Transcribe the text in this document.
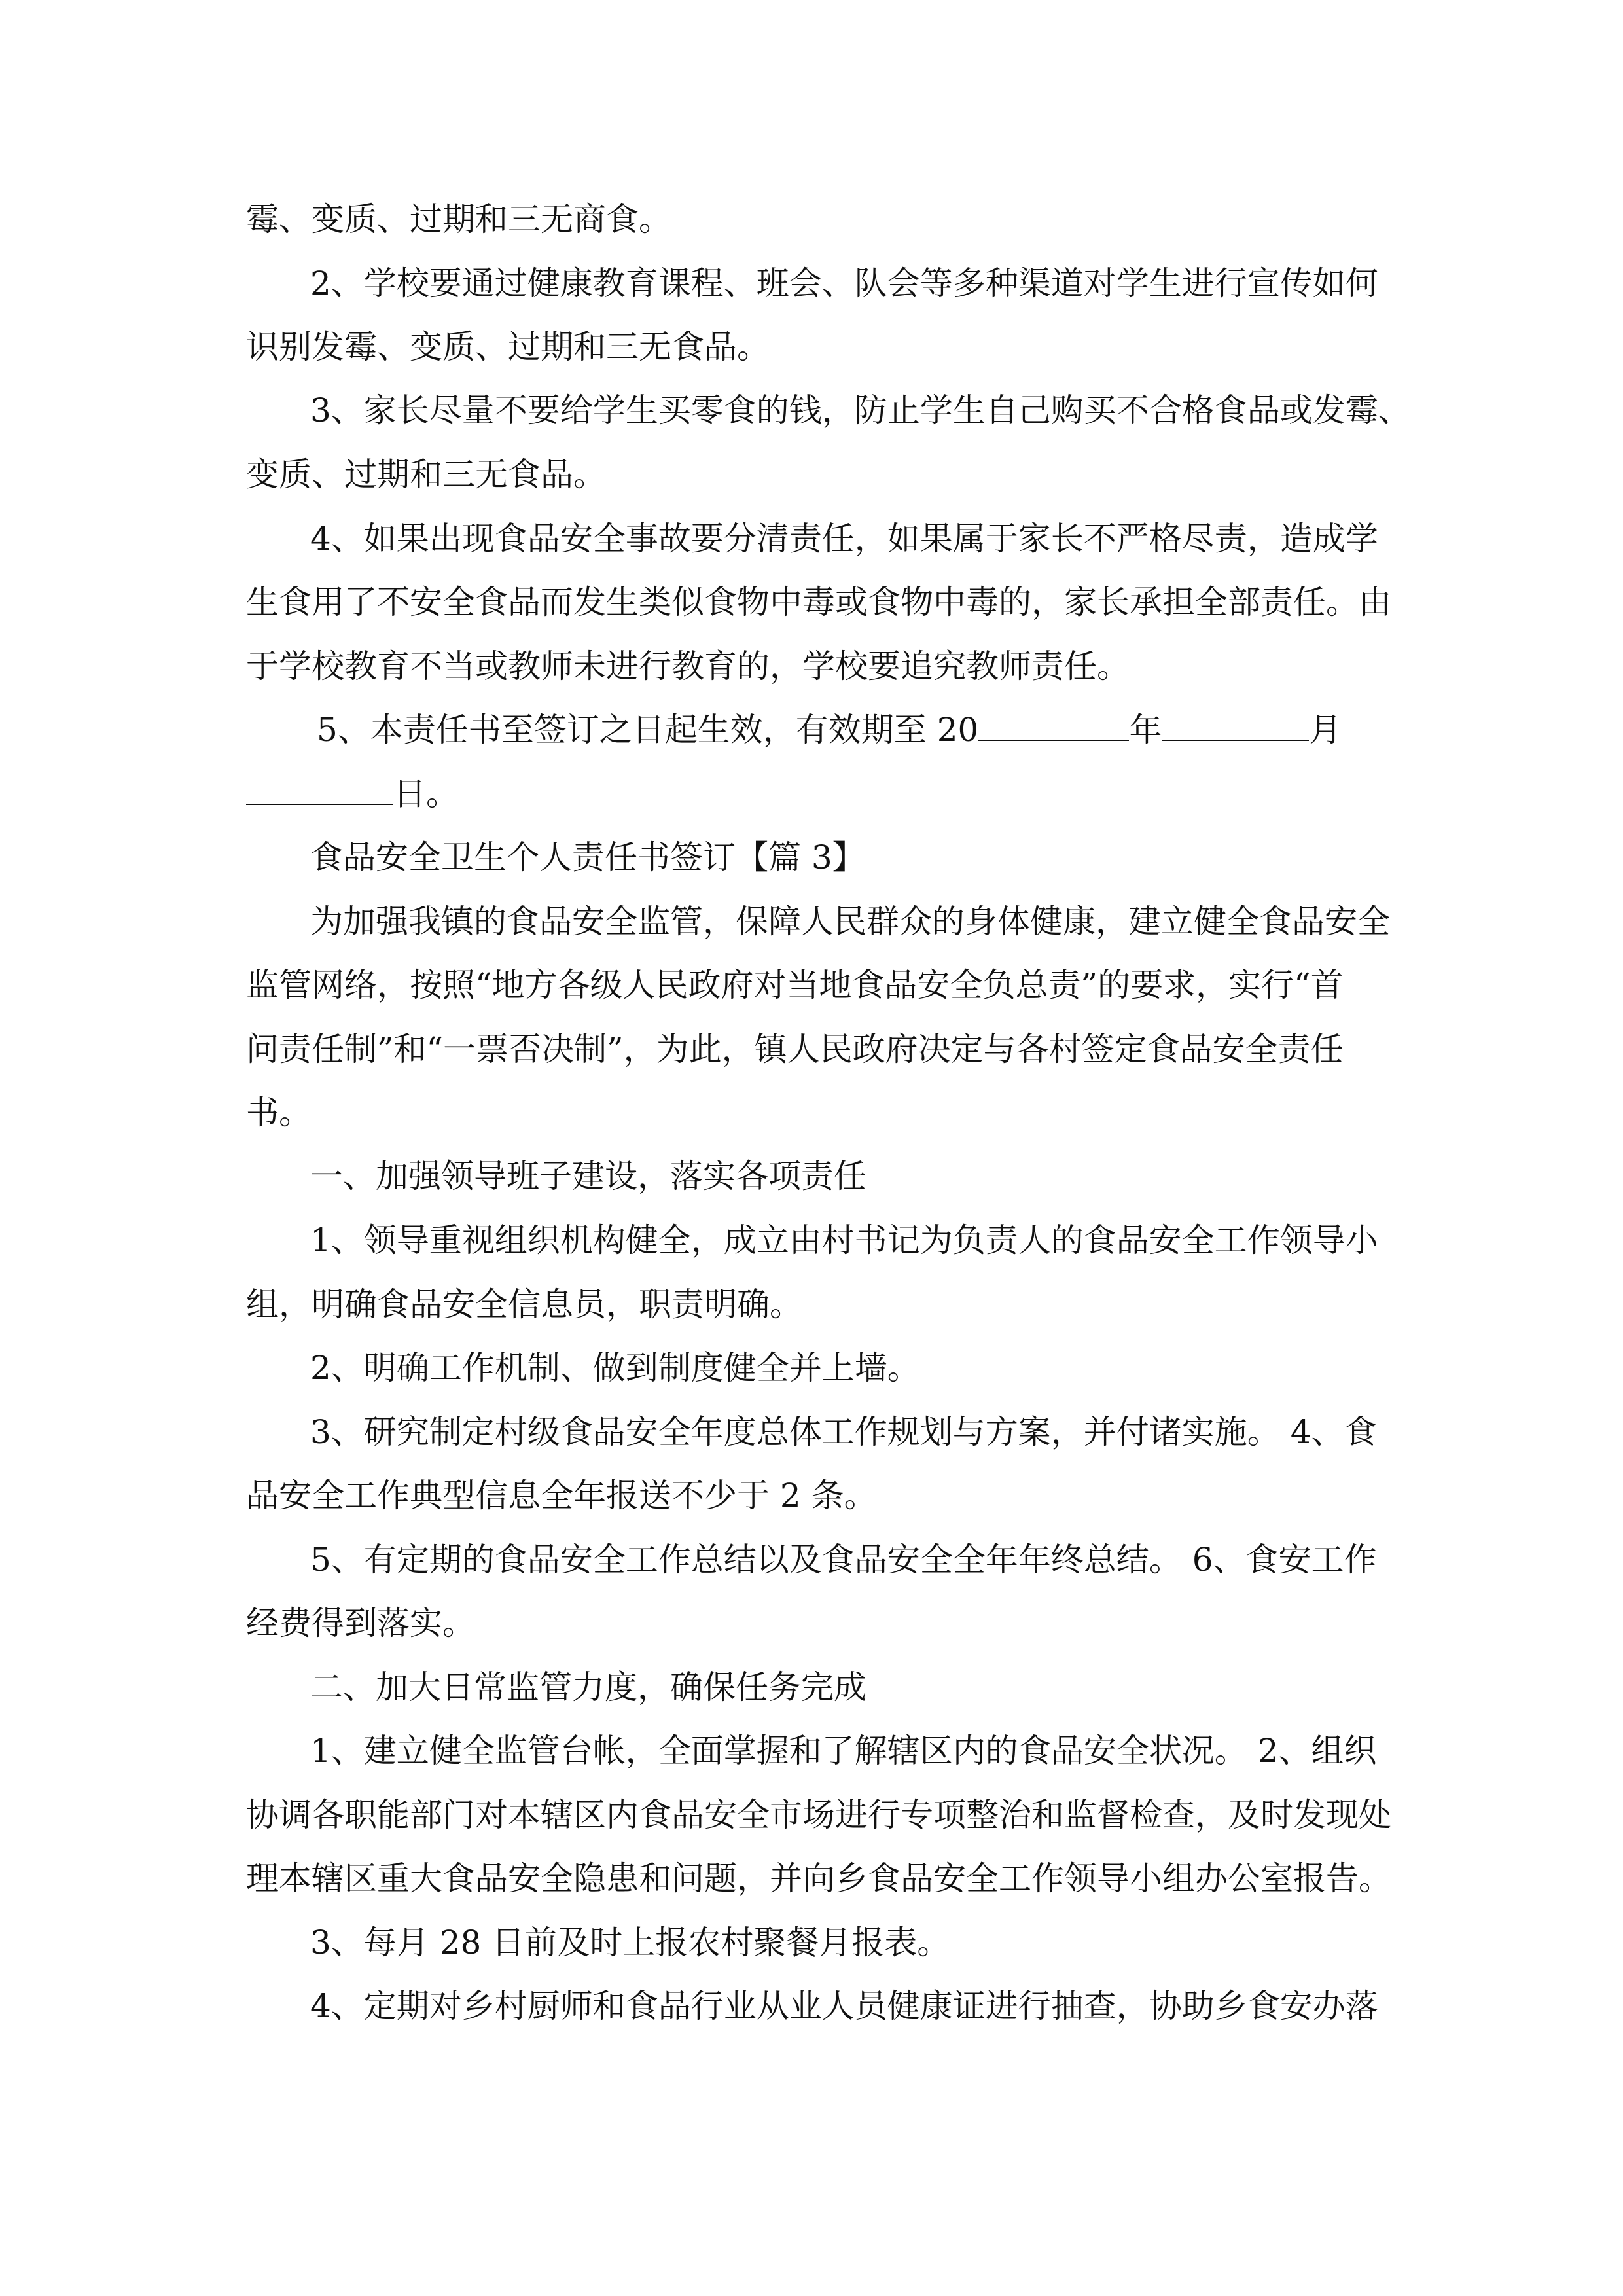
霉、变质、过期和三无商食。
2、学校要通过健康教育课程、班会、队会等多种渠道对学生进行宣传如何
识别发霉、变质、过期和三无食品。
3、家长尽量不要给学生买零食的钱，防止学生自己购买不合格食品或发霉、
变质、过期和三无食品。
4、如果出现食品安全事故要分清责任，如果属于家长不严格尽责，造成学
生食用了不安全食品而发生类似食物中毒或食物中毒的，家长承担全部责任。由
于学校教育不当或教师未进行教育的，学校要追究教师责任。
5、本责任书至签订之日起生效，有效期至 20	年	月
日。
食品安全卫生个人责任书签订【篇 3】
为加强我镇的食品安全监管，保障人民群众的身体健康，建立健全食品安全
监管网络，按照“地方各级人民政府对当地食品安全负总责”的要求，实行“首
问责任制”和“一票否决制”，为此，镇人民政府决定与各村签定食品安全责任
书。
一、加强领导班子建设，落实各项责任
1、领导重视组织机构健全，成立由村书记为负责人的食品安全工作领导小
组，明确食品安全信息员，职责明确。
2、明确工作机制、做到制度健全并上墙。
3、研究制定村级食品安全年度总体工作规划与方案，并付诸实施。 4、食
品安全工作典型信息全年报送不少于 2 条。
5、有定期的食品安全工作总结以及食品安全全年年终总结。 6、食安工作
经费得到落实。
二、加大日常监管力度，确保任务完成
1、建立健全监管台帐，全面掌握和了解辖区内的食品安全状况。 2、组织
协调各职能部门对本辖区内食品安全市场进行专项整治和监督检查，及时发现处
理本辖区重大食品安全隐患和问题，并向乡食品安全工作领导小组办公室报告。
3、每月 28 日前及时上报农村聚餐月报表。
4、定期对乡村厨师和食品行业从业人员健康证进行抽查，协助乡食安办落
